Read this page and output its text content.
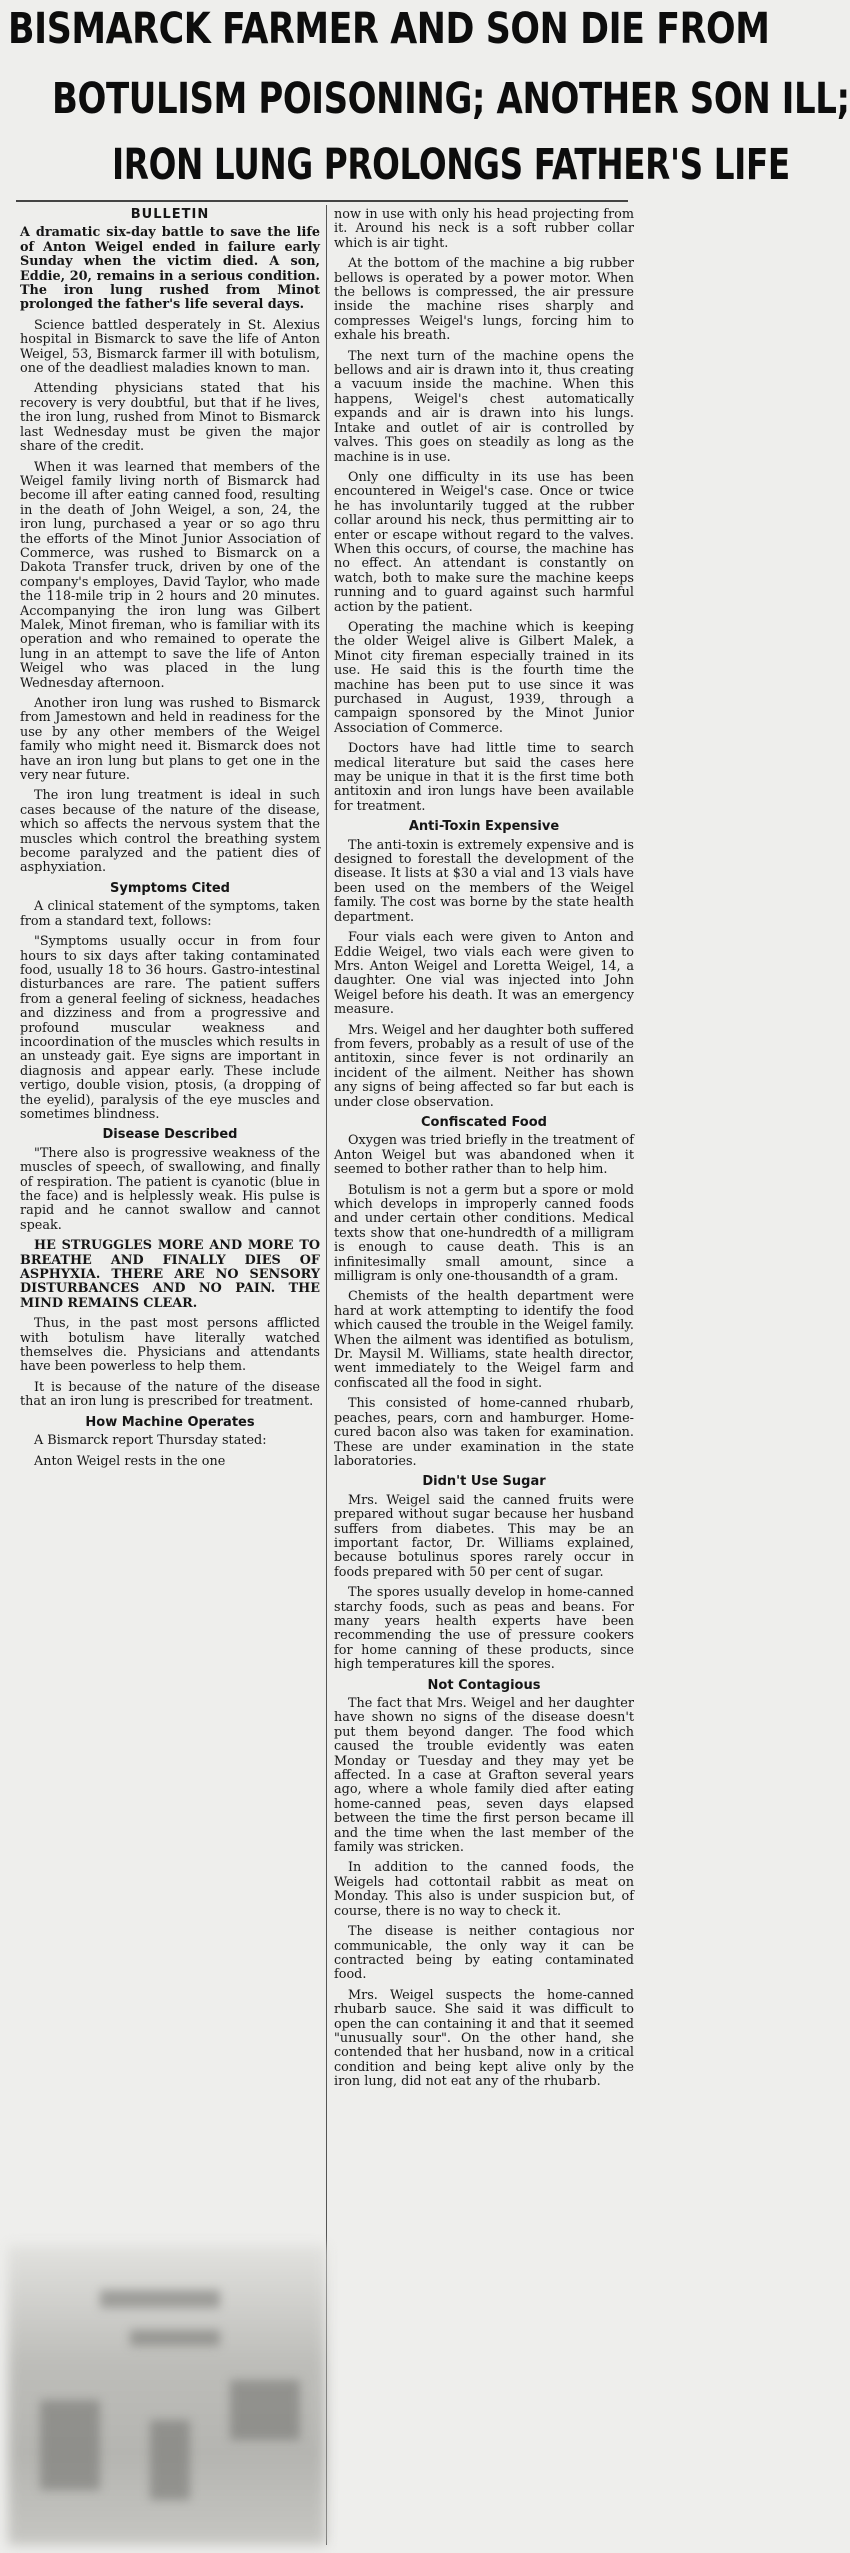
BISMARCK FARMER AND SON DIE FROM
BOTULISM POISONING; ANOTHER SON ILL;
IRON LUNG PROLONGS FATHER'S LIFE
BULLETIN

A dramatic six-day battle to save the life of Anton Weigel ended in failure early Sunday when the victim died. A son, Eddie, 20, remains in a serious condition. The iron lung rushed from Minot prolonged the father's life several days.

Science battled desperately in St. Alexius hospital in Bismarck to save the life of Anton Weigel, 53, Bismarck farmer ill with botulism, one of the deadliest maladies known to man.

Attending physicians stated that his recovery is very doubtful, but that if he lives, the iron lung, rushed from Minot to Bismarck last Wednesday must be given the major share of the credit.

When it was learned that members of the Weigel family living north of Bismarck had become ill after eating canned food, resulting in the death of John Weigel, a son, 24, the iron lung, purchased a year or so ago thru the efforts of the Minot Junior Association of Commerce, was rushed to Bismarck on a Dakota Transfer truck, driven by one of the company's employes, David Taylor, who made the 118-mile trip in 2 hours and 20 minutes. Accompanying the iron lung was Gilbert Malek, Minot fireman, who is familiar with its operation and who remained to operate the lung in an attempt to save the life of Anton Weigel who was placed in the lung Wednesday afternoon.

Another iron lung was rushed to Bismarck from Jamestown and held in readiness for the use by any other members of the Weigel family who might need it. Bismarck does not have an iron lung but plans to get one in the very near future.

The iron lung treatment is ideal in such cases because of the nature of the disease, which so affects the nervous system that the muscles which control the breathing system become paralyzed and the patient dies of asphyxiation.

Symptoms Cited

A clinical statement of the symptoms, taken from a standard text, follows:

"Symptoms usually occur in from four hours to six days after taking contaminated food, usually 18 to 36 hours. Gastro-intestinal disturbances are rare. The patient suffers from a general feeling of sickness, headaches and dizziness and from a progressive and profound muscular weakness and incoordination of the muscles which results in an unsteady gait. Eye signs are important in diagnosis and appear early. These include vertigo, double vision, ptosis, (a dropping of the eyelid), paralysis of the eye muscles and sometimes blindness.

Disease Described

"There also is progressive weakness of the muscles of speech, of swallowing, and finally of respiration. The patient is cyanotic (blue in the face) and is helplessly weak. His pulse is rapid and he cannot swallow and cannot speak.

HE STRUGGLES MORE AND MORE TO BREATHE AND FINALLY DIES OF ASPHYXIA. THERE ARE NO SENSORY DISTURBANCES AND NO PAIN. THE MIND REMAINS CLEAR.

Thus, in the past most persons afflicted with botulism have literally watched themselves die. Physicians and attendants have been powerless to help them.

It is because of the nature of the disease that an iron lung is prescribed for treatment.

How Machine Operates

A Bismarck report Thursday stated:

Anton Weigel rests in the one

now in use with only his head projecting from it. Around his neck is a soft rubber collar which is air tight.

At the bottom of the machine a big rubber bellows is operated by a power motor. When the bellows is compressed, the air pressure inside the machine rises sharply and compresses Weigel's lungs, forcing him to exhale his breath.

The next turn of the machine opens the bellows and air is drawn into it, thus creating a vacuum inside the machine. When this happens, Weigel's chest automatically expands and air is drawn into his lungs. Intake and outlet of air is controlled by valves. This goes on steadily as long as the machine is in use.

Only one difficulty in its use has been encountered in Weigel's case. Once or twice he has involuntarily tugged at the rubber collar around his neck, thus permitting air to enter or escape without regard to the valves. When this occurs, of course, the machine has no effect. An attendant is constantly on watch, both to make sure the machine keeps running and to guard against such harmful action by the patient.

Operating the machine which is keeping the older Weigel alive is Gilbert Malek, a Minot city fireman especially trained in its use. He said this is the fourth time the machine has been put to use since it was purchased in August, 1939, through a campaign sponsored by the Minot Junior Association of Commerce.

Doctors have had little time to search medical literature but said the cases here may be unique in that it is the first time both antitoxin and iron lungs have been available for treatment.

Anti-Toxin Expensive

The anti-toxin is extremely expensive and is designed to forestall the development of the disease. It lists at $30 a vial and 13 vials have been used on the members of the Weigel family. The cost was borne by the state health department.

Four vials each were given to Anton and Eddie Weigel, two vials each were given to Mrs. Anton Weigel and Loretta Weigel, 14, a daughter. One vial was injected into John Weigel before his death. It was an emergency measure.

Mrs. Weigel and her daughter both suffered from fevers, probably as a result of use of the antitoxin, since fever is not ordinarily an incident of the ailment. Neither has shown any signs of being affected so far but each is under close observation.

Confiscated Food

Oxygen was tried briefly in the treatment of Anton Weigel but was abandoned when it seemed to bother rather than to help him.

Botulism is not a germ but a spore or mold which develops in improperly canned foods and under certain other conditions. Medical texts show that one-hundredth of a milligram is enough to cause death. This is an infinitesimally small amount, since a milligram is only one-thousandth of a gram.

Chemists of the health department were hard at work attempting to identify the food which caused the trouble in the Weigel family. When the ailment was identified as botulism, Dr. Maysil M. Williams, state health director, went immediately to the Weigel farm and confiscated all the food in sight.

This consisted of home-canned rhubarb, peaches, pears, corn and hamburger. Home-cured bacon also was taken for examination. These are under examination in the state laboratories.

Didn't Use Sugar

Mrs. Weigel said the canned fruits were prepared without sugar because her husband suffers from diabetes. This may be an important factor, Dr. Williams explained, because botulinus spores rarely occur in foods prepared with 50 per cent of sugar.

The spores usually develop in home-canned starchy foods, such as peas and beans. For many years health experts have been recommending the use of pressure cookers for home canning of these products, since high temperatures kill the spores.

Not Contagious

The fact that Mrs. Weigel and her daughter have shown no signs of the disease doesn't put them beyond danger. The food which caused the trouble evidently was eaten Monday or Tuesday and they may yet be affected. In a case at Grafton several years ago, where a whole family died after eating home-canned peas, seven days elapsed between the time the first person became ill and the time when the last member of the family was stricken.

In addition to the canned foods, the Weigels had cottontail rabbit as meat on Monday. This also is under suspicion but, of course, there is no way to check it.

The disease is neither contagious nor communicable, the only way it can be contracted being by eating contaminated food.

Mrs. Weigel suspects the home-canned rhubarb sauce. She said it was difficult to open the can containing it and that it seemed "unusually sour". On the other hand, she contended that her husband, now in a critical condition and being kept alive only by the iron lung, did not eat any of the rhubarb.
